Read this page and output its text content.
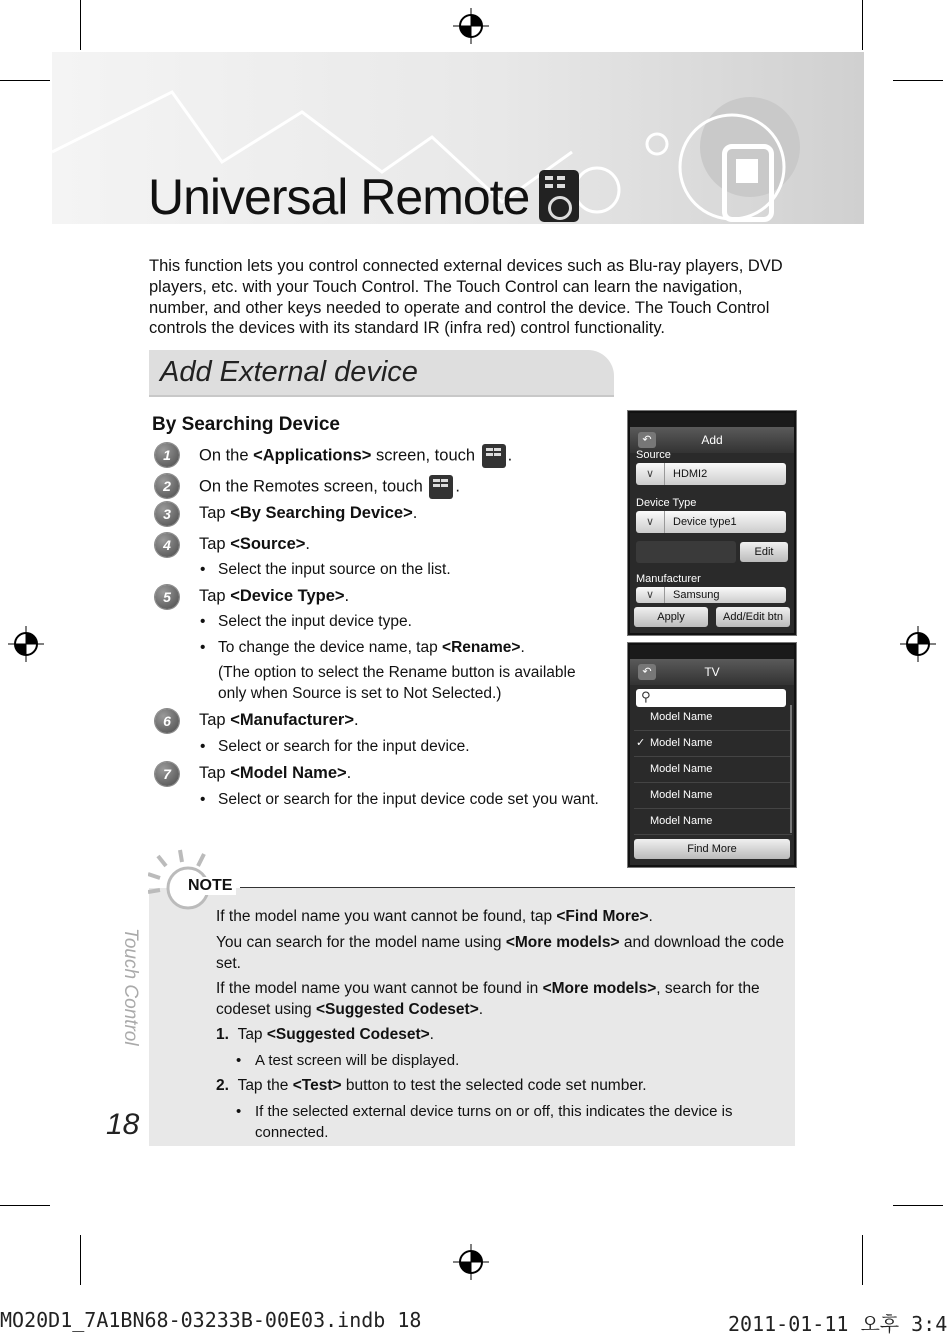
Universal Remote
This function lets you control connected external devices such as Blu-ray players, DVD players, etc. with your Touch Control. The Touch Control can learn the navigation, number, and other keys needed to operate and control the device. The Touch Control controls the devices with its standard IR (infra red) control functionality.
Add External device
By Searching Device
1	On the <Applications> screen, touch .
2	On the Remotes screen, touch .
3	Tap <By Searching Device>.
4	Tap <Source>.
• Select the input source on the list.
5	Tap <Device Type>.
• Select the input device type.
• To change the device name, tap <Rename>.
(The option to select the Rename button is available
only when Source is set to Not Selected.)
6	Tap <Manufacturer>.
• Select or search for the input device.
7	Tap <Model Name>.
• Select or search for the input device code set you want.
↶	Add
Source
∨ HDMI2
Device Type
∨ Device type1
Edit
Manufacturer
∨ Samsung
Apply	Add/Edit btn
↶	TV
⚲
Model Name
✓ Model Name
Model Name
Model Name
Model Name
Find More
NOTE
If the model name you want cannot be found, tap <Find More>.
You can search for the model name using <More models> and download the code set.
If the model name you want cannot be found in <More models>, search for the codeset using <Suggested Codeset>.
1. Tap <Suggested Codeset>.
• A test screen will be displayed.
2. Tap the <Test> button to test the selected code set number.
• If the selected external device turns on or off, this indicates the device is connected.
Touch Control
18
MO20D1_7A1BN68-03233B-00E03.indb 18	2011-01-11 오후 3:4
